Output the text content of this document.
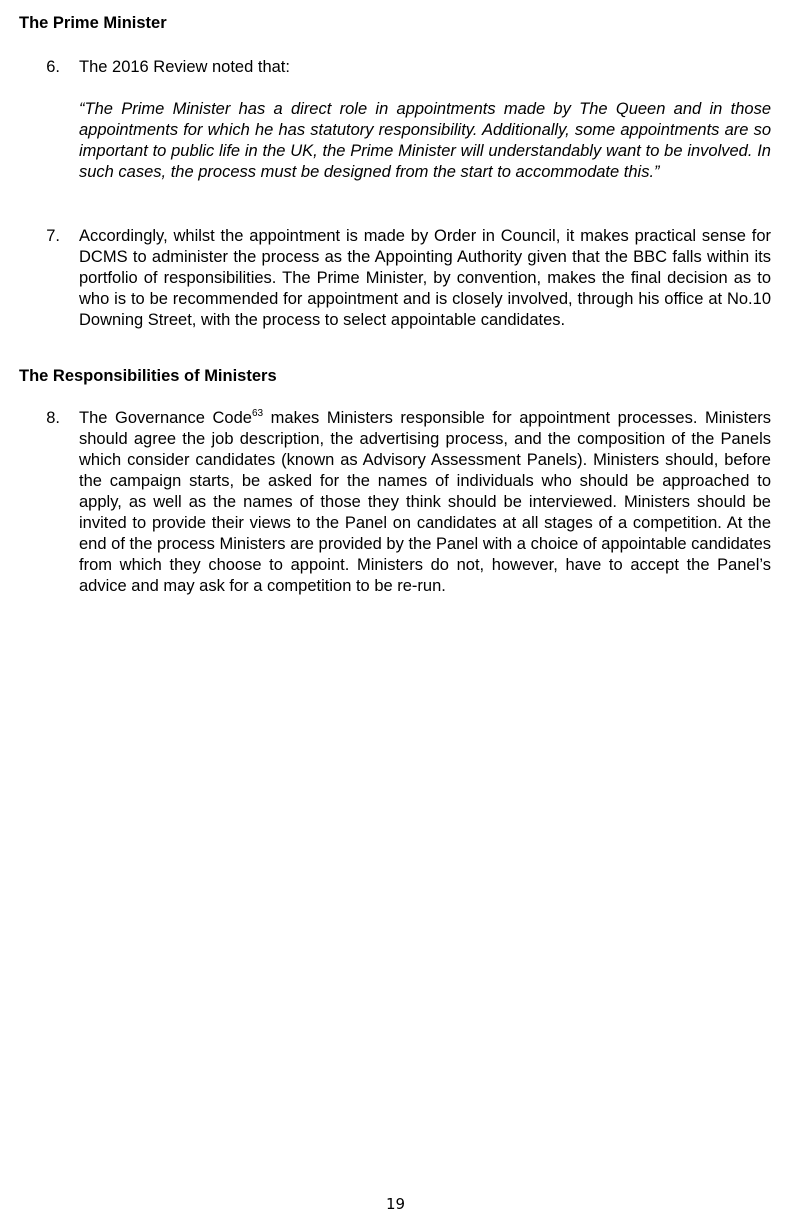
The Prime Minister
6. The 2016 Review noted that:

“The Prime Minister has a direct role in appointments made by The Queen and in those appointments for which he has statutory responsibility. Additionally, some appointments are so important to public life in the UK, the Prime Minister will understandably want to be involved. In such cases, the process must be designed from the start to accommodate this.”

7. Accordingly, whilst the appointment is made by Order in Council, it makes practical sense for DCMS to administer the process as the Appointing Authority given that the BBC falls within its portfolio of responsibilities. The Prime Minister, by convention, makes the final decision as to who is to be recommended for appointment and is closely involved, through his office at No.10 Downing Street, with the process to select appointable candidates.

The Responsibilities of Ministers
8. The Governance Code$^{63}$ makes Ministers responsible for appointment processes. Ministers should agree the job description, the advertising process, and the composition of the Panels which consider candidates (known as Advisory Assessment Panels). Ministers should, before the campaign starts, be asked for the names of individuals who should be approached to apply, as well as the names of those they think should be interviewed. Ministers should be invited to provide their views to the Panel on candidates at all stages of a competition. At the end of the process Ministers are provided by the Panel with a choice of appointable candidates from which they choose to appoint. Ministers do not, however, have to accept the Panel’s advice and may ask for a competition to be re-run.

19
